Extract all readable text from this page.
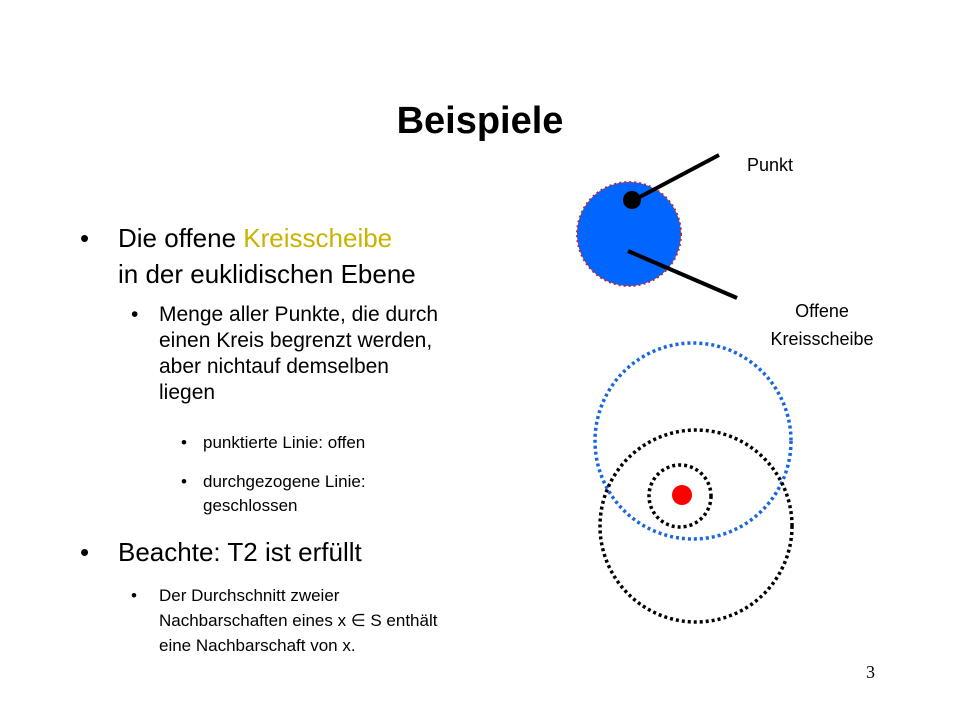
Beispiele
• Die offene Kreisscheibe
in der euklidischen Ebene
• Menge aller Punkte, die durch
einen Kreis begrenzt werden,
aber nichtauf demselben
liegen
• punktierte Linie: offen
• durchgezogene Linie:
geschlossen
• Beachte: T2 ist erfüllt
• Der Durchschnitt zweier
Nachbarschaften eines x ∈ S enthält
eine Nachbarschaft von x.
Punkt
Offene
Kreisscheibe
3
